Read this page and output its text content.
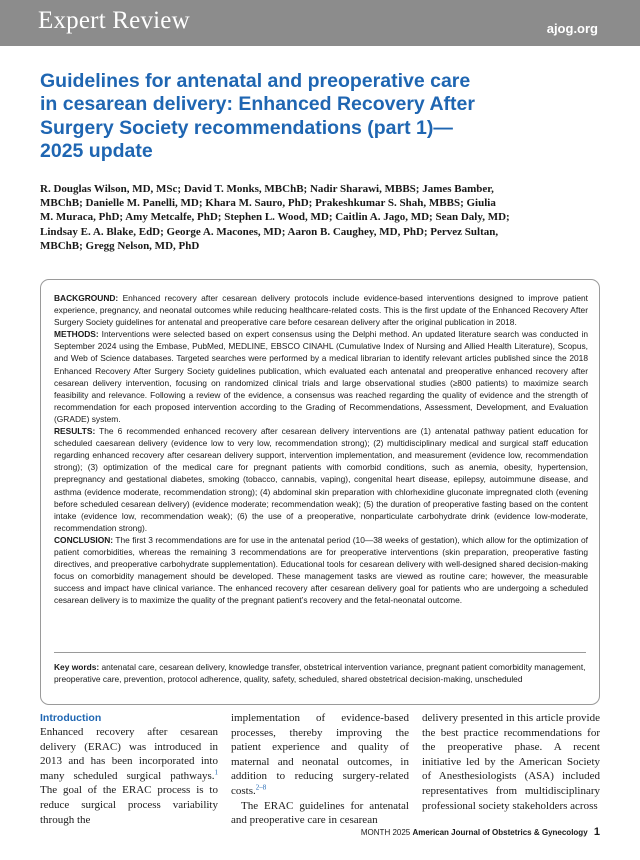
Expert Review	ajog.org
Guidelines for antenatal and preoperative care in cesarean delivery: Enhanced Recovery After Surgery Society recommendations (part 1)—2025 update
R. Douglas Wilson, MD, MSc; David T. Monks, MBChB; Nadir Sharawi, MBBS; James Bamber, MBChB; Danielle M. Panelli, MD; Khara M. Sauro, PhD; Prakeshkumar S. Shah, MBBS; Giulia M. Muraca, PhD; Amy Metcalfe, PhD; Stephen L. Wood, MD; Caitlin A. Jago, MD; Sean Daly, MD; Lindsay E. A. Blake, EdD; George A. Macones, MD; Aaron B. Caughey, MD, PhD; Pervez Sultan, MBChB; Gregg Nelson, MD, PhD

BACKGROUND: Enhanced recovery after cesarean delivery protocols include evidence-based interventions designed to improve patient experience, pregnancy, and neonatal outcomes while reducing healthcare-related costs. This is the first update of the Enhanced Recovery After Surgery Society guidelines for antenatal and preoperative care before cesarean delivery after the original publication in 2018.

METHODS: Interventions were selected based on expert consensus using the Delphi method. An updated literature search was conducted in September 2024 using the Embase, PubMed, MEDLINE, EBSCO CINAHL (Cumulative Index of Nursing and Allied Health Literature), Scopus, and Web of Science databases. Targeted searches were performed by a medical librarian to identify relevant articles published since the 2018 Enhanced Recovery After Surgery Society guidelines publication, which evaluated each antenatal and preoperative enhanced recovery after cesarean delivery intervention, focusing on randomized clinical trials and large observational studies (≥800 patients) to maximize search feasibility and relevance. Following a review of the evidence, a consensus was reached regarding the quality of evidence and the strength of recommendation for each proposed intervention according to the Grading of Recommendations, Assessment, Development, and Evaluation (GRADE) system.

RESULTS: The 6 recommended enhanced recovery after cesarean delivery interventions are (1) antenatal pathway patient education for scheduled caesarean delivery (evidence low to very low, recommendation strong); (2) multidisciplinary medical and surgical staff education regarding enhanced recovery after cesarean delivery support, intervention implementation, and measurement (evidence low, recommendation strong); (3) optimization of the medical care for pregnant patients with comorbid conditions, such as anemia, obesity, hypertension, prepregnancy and gestational diabetes, smoking (tobacco, cannabis, vaping), congenital heart disease, epilepsy, autoimmune disease, and asthma (evidence moderate, recommendation strong); (4) abdominal skin preparation with chlorhexidine gluconate impregnated cloth (evening before scheduled cesarean delivery) (evidence moderate; recommendation weak); (5) the duration of preoperative fasting based on the content intake (evidence low, recommendation weak); (6) the use of a preoperative, nonparticulate carbohydrate drink (evidence low-moderate, recommendation strong).

CONCLUSION: The first 3 recommendations are for use in the antenatal period (10—38 weeks of gestation), which allow for the optimization of patient comorbidities, whereas the remaining 3 recommendations are for preoperative interventions (skin preparation, preoperative fasting directives, and preoperative carbohydrate supplementation). Educational tools for cesarean delivery with well-designed shared decision-making focus on comorbidity management should be developed. These management tasks are viewed as routine care; however, the measurable success and impact have clinical variance. The enhanced recovery after cesarean delivery goal for patients who are undergoing a scheduled cesarean delivery is to maximize the quality of the pregnant patient’s recovery and the fetal-neonatal outcome.

Key words: antenatal care, cesarean delivery, knowledge transfer, obstetrical intervention variance, pregnant patient comorbidity management, preoperative care, prevention, protocol adherence, quality, safety, scheduled, shared obstetrical decision-making, unscheduled
Introduction

Enhanced recovery after cesarean delivery (ERAC) was introduced in 2013 and has been incorporated into many scheduled surgical pathways.$^1$ The goal of the ERAC process is to reduce surgical process variability through the

implementation of evidence-based processes, thereby improving the patient experience and quality of maternal and neonatal outcomes, in addition to reducing surgery-related costs.$^{2-8}$

The ERAC guidelines for antenatal and preoperative care in cesarean

delivery presented in this article provide the best practice recommendations for the preoperative phase. A recent initiative led by the American Society of Anesthesiologists (ASA) included representatives from multidisciplinary professional society stakeholders across

MONTH 2025 American Journal of Obstetrics & Gynecology 1
